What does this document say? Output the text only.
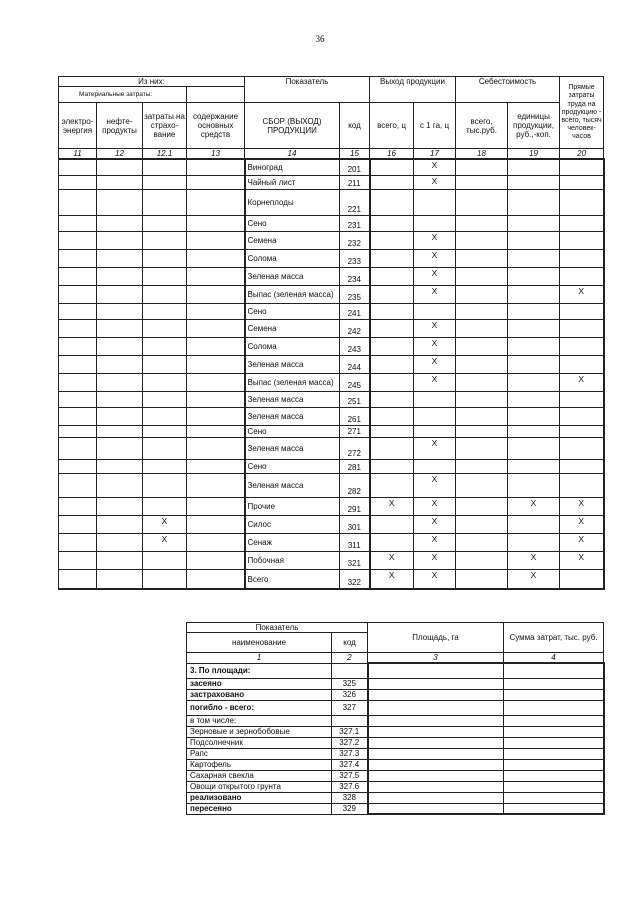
36
Из них:				Показатель		Выход продукции		Себестоимость		Прямые затраты труда на продукцию - всего, тысяч человек-часов
Материальные затраты:										
электро-энергия	нефте-продукты	затраты на страхо-вание	содержание основных средств	СБОР (ВЫХОД) ПРОДУКЦИИ	код	всего, ц	с 1 га, ц	всего, тыс.руб.	единицы продукции, руб.,-коп.	
11	12	12.1	13	14	15	16	17	18	19	20
				Виноград	201		X			
				Чайный лист	211		X			
				Корнеплоды	221					
				Сено	231					
				Семена	232		X			
				Солома	233		X			
				Зеленая масса	234		X			
				Выпас (зеленая масса)	235		X			X
				Сено	241					
				Семена	242		X			
				Солома	243		X			
				Зеленая масса	244		X			
				Выпас (зеленая масса)	245		X			X
				Зеленая масса	251					
				Зеленая масса	261					
				Сено	271					
				Зеленая масса	272		X			
				Сено	281					
				Зеленая масса	282		X			
				Прочие	291	X	X		X	X
		X		Силос	301		X			X
		X		Сенаж	311		X			X
				Побочная	321	X	X		X	X
				Всего	322	X	X		X	
Показатель		Площадь, га	Сумма затрат, тыс. руб.
наименование	код		
1	2	3	4
3. По площади:			
засеяно	325		
застраховано	326		
погибло - всего:	327		
в том числе:			
Зерновые и зернобобовые	327.1		
Подсолнечник	327.2		
Рапс	327.3		
Картофель	327.4		
Сахарная свекла	327.5		
Овощи открытого грунта	327.6		
реализовано	328		
пересеяно	329		
